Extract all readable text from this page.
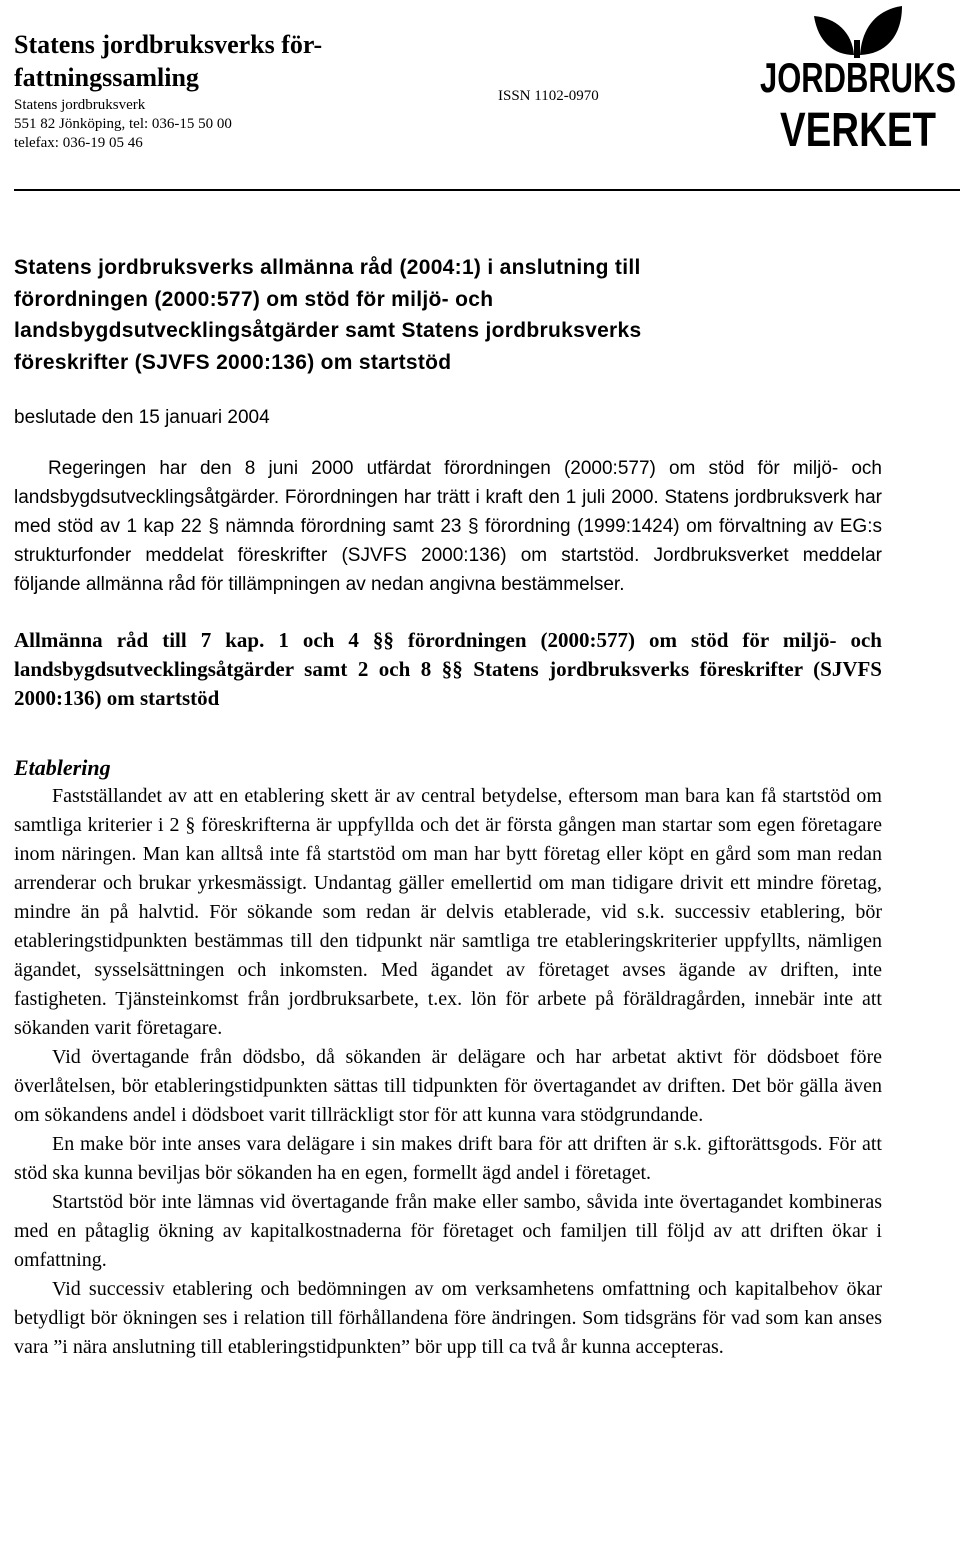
Statens jordbruksverks för-fattningssamling
Statens jordbruksverk
551 82 Jönköping, tel: 036-15 50 00
telefax: 036-19 05 46
ISSN 1102-0970	JORDBRUKS
VERKET
Statens jordbruksverks allmänna råd (2004:1) i anslutning till förordningen (2000:577) om stöd för miljö- och landsbygdsutvecklingsåtgärder samt Statens jordbruksverks föreskrifter (SJVFS 2000:136) om startstöd

beslutade den 15 januari 2004

Regeringen har den 8 juni 2000 utfärdat förordningen (2000:577) om stöd för miljö- och landsbygdsutvecklingsåtgärder. Förordningen har trätt i kraft den 1 juli 2000. Statens jordbruksverk har med stöd av 1 kap 22 § nämnda förordning samt 23 § förordning (1999:1424) om förvaltning av EG:s strukturfonder meddelat föreskrifter (SJVFS 2000:136) om startstöd. Jordbruksverket meddelar följande allmänna råd för tillämpningen av nedan angivna bestämmelser.

Allmänna råd till 7 kap. 1 och 4 §§ förordningen (2000:577) om stöd för miljö- och landsbygdsutvecklingsåtgärder samt 2 och 8 §§ Statens jordbruksverks föreskrifter (SJVFS 2000:136) om startstöd

Etablering

Fastställandet av att en etablering skett är av central betydelse, eftersom man bara kan få startstöd om samtliga kriterier i 2 § föreskrifterna är uppfyllda och det är första gången man startar som egen företagare inom näringen. Man kan alltså inte få startstöd om man har bytt företag eller köpt en gård som man redan arrenderar och brukar yrkesmässigt. Undantag gäller emellertid om man tidigare drivit ett mindre företag, mindre än på halvtid. För sökande som redan är delvis etablerade, vid s.k. successiv etablering, bör etableringstidpunkten bestämmas till den tidpunkt när samtliga tre etableringskriterier uppfyllts, nämligen ägandet, sysselsättningen och inkomsten. Med ägandet av företaget avses ägande av driften, inte fastigheten. Tjänsteinkomst från jordbruksarbete, t.ex. lön för arbete på föräldragården, innebär inte att sökanden varit företagare.

Vid övertagande från dödsbo, då sökanden är delägare och har arbetat aktivt för dödsboet före överlåtelsen, bör etableringstidpunkten sättas till tidpunkten för övertagandet av driften. Det bör gälla även om sökandens andel i dödsboet varit tillräckligt stor för att kunna vara stödgrundande.

En make bör inte anses vara delägare i sin makes drift bara för att driften är s.k. giftorättsgods. För att stöd ska kunna beviljas bör sökanden ha en egen, formellt ägd andel i företaget.

Startstöd bör inte lämnas vid övertagande från make eller sambo, såvida inte övertagandet kombineras med en påtaglig ökning av kapitalkostnaderna för företaget och familjen till följd av att driften ökar i omfattning.

Vid successiv etablering och bedömningen av om verksamhetens omfattning och kapitalbehov ökar betydligt bör ökningen ses i relation till förhållandena före ändringen. Som tidsgräns för vad som kan anses vara ”i nära anslutning till etableringstidpunkten” bör upp till ca två år kunna accepteras.
